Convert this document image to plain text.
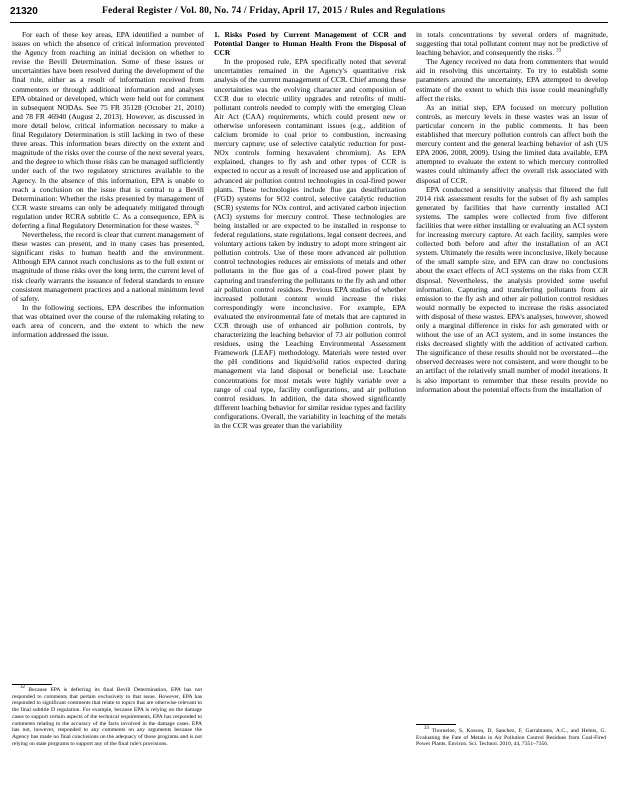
21320	Federal Register / Vol. 80, No. 74 / Friday, April 17, 2015 / Rules and Regulations

For each of these key areas, EPA identified a number of issues on which the absence of critical information prevented the Agency from reaching an initial decision on whether to revise the Bevill Determination. Some of these issues or uncertainties have been resolved during the development of the final rule, either as a result of information received from commenters or through additional information and analyses EPA obtained or developed, which were held out for comment in subsequent NODAs. See 75 FR 35128 (October 21, 2010) and 78 FR 46940 (August 2, 2013). However, as discussed in more detail below, critical information necessary to make a final Regulatory Determination is still lacking in two of these three areas. This information bears directly on the extent and magnitude of the risks over the course of the next several years, and the degree to which those risks can be managed sufficiently under each of the two regulatory structures available to the Agency. In the absence of this information, EPA is unable to reach a conclusion on the issue that is central to a Bevill Determination: Whether the risks presented by management of CCR waste streams can only be adequately mitigated through regulation under RCRA subtitle C. As a consequence, EPA is deferring a final Regulatory Determination for these wastes. $^{32}$

Nevertheless, the record is clear that current management of these wastes can present, and in many cases has presented, significant risks to human health and the environment. Although EPA cannot reach conclusions as to the full extent or magnitude of those risks over the long term, the current level of risk clearly warrants the issuance of federal standards to ensure consistent management practices and a national minimum level of safety.

In the following sections, EPA describes the information that was obtained over the course of the rulemaking relating to each area of concern, and the extent to which the new information addressed the issue.

$^{32}$ Because EPA is deferring its final Bevill Determination, EPA has not responded to comments that pertain exclusively to that issue. However, EPA has responded to significant comments that relate to topics that are otherwise relevant to the final subtitle D regulation. For example, because EPA is relying on the damage cases to support certain aspects of the technical requirements, EPA has responded to comments relating to the accuracy of the facts involved in the damage cases. EPA has not, however, responded to any comments on any arguments because the Agency has made no final conclusions on the adequacy of those programs and is not relying on state programs to support any of the final rule's provisions.

1. Risks Posed by Current Management of CCR and Potential Danger to Human Health From the Disposal of CCR

In the proposed rule, EPA specifically noted that several uncertainties remained in the Agency's quantitative risk analysis of the current management of CCR. Chief among these uncertainties was the evolving character and composition of CCR due to electric utility upgrades and retrofits of multi-pollutant controls needed to comply with the emerging Clean Air Act (CAA) requirements, which could present new or otherwise unforeseen contaminant issues (e.g., addition of calcium bromide to coal prior to combustion, increasing mercury capture; use of selective catalytic reduction for post-NOx controls forming hexavalent chromium). As EPA explained, changes to fly ash and other types of CCR is expected to occur as a result of increased use and application of advanced air pollution control technologies in coal-fired power plants. These technologies include flue gas desulfurization (FGD) systems for SO2 control, selective catalytic reduction (SCR) systems for NOx control, and activated carbon injection (ACI) systems for mercury control. These technologies are being installed or are expected to be installed in response to federal regulations, state regulations, legal consent decrees, and voluntary actions taken by industry to adopt more stringent air pollution controls. Use of these more advanced air pollution control technologies reduces air emissions of metals and other pollutants in the flue gas of a coal-fired power plant by capturing and transferring the pollutants to the fly ash and other air pollution control residues. Previous EPA studies of whether increased pollutant content would increase the risks correspondingly were inconclusive. For example, EPA evaluated the environmental fate of metals that are captured in CCR through use of enhanced air pollution controls, by characterizing the leaching behavior of 73 air pollution control residues, using the Leaching Environmental Assessment Framework (LEAF) methodology. Materials were tested over the pH conditions and liquid/solid ratios expected during management via land disposal or beneficial use. Leachate concentrations for most metals were highly variable over a range of coal type, facility configurations, and air pollution control residues. In addition, the data showed significantly different leaching behavior for similar residue types and facility configurations. Overall, the variability in leaching of the metals in the CCR was greater than the variability

in totals concentrations by several orders of magnitude, suggesting that total pollutant content may not be predictive of leaching behavior, and consequently the risks. $^{33}$

The Agency received no data from commenters that would aid in resolving this uncertainty. To try to establish some parameters around the uncertainty, EPA attempted to develop estimate of the extent to which this issue could meaningfully affect the risks.

As an initial step, EPA focused on mercury pollution controls, as mercury levels in these wastes was an issue of particular concern in the public comments. It has been established that mercury pollution controls can affect both the mercury content and the general leaching behavior of ash (US EPA 2006, 2008, 2009). Using the limited data available, EPA attempted to evaluate the extent to which mercury controlled wastes could ultimately affect the overall risk associated with disposal of CCR.

EPA conducted a sensitivity analysis that filtered the full 2014 risk assessment results for the subset of fly ash samples generated by facilities that have currently installed ACI systems. The samples were collected from five different facilities that were either installing or evaluating an ACI system for increasing mercury capture. At each facility, samples were collected both before and after the installation of an ACI system. Ultimately the results were inconclusive, likely because of the small sample size, and EPA can draw no conclusions about the exact effects of ACI systems on the risks from CCR disposal. Nevertheless, the analysis provided some useful information. Capturing and transferring pollutants from air emission to the fly ash and other air pollution control residues would normally be expected to increase the risks associated with disposal of these wastes. EPA's analyses, however, showed only a marginal difference in risks for ash generated with or without the use of an ACI system, and in some instances the risks decreased slightly with the addition of activated carbon. The significance of these results should not be overstated—the observed decreases were not consistent, and were thought to be an artifact of the relatively small number of model iterations. It is also important to remember that these results provide no information about the potential effects from the installation of

$^{33}$ Thorneloe, S, Kosson, D, Sanchez, F, Garrabrants, A.C., and Helms, G. Evaluating the Fate of Metals in Air Pollution Control Residues from Coal-Fired Power Plants. Environ. Sci. Technol. 2010, 44, 7351–7356.
